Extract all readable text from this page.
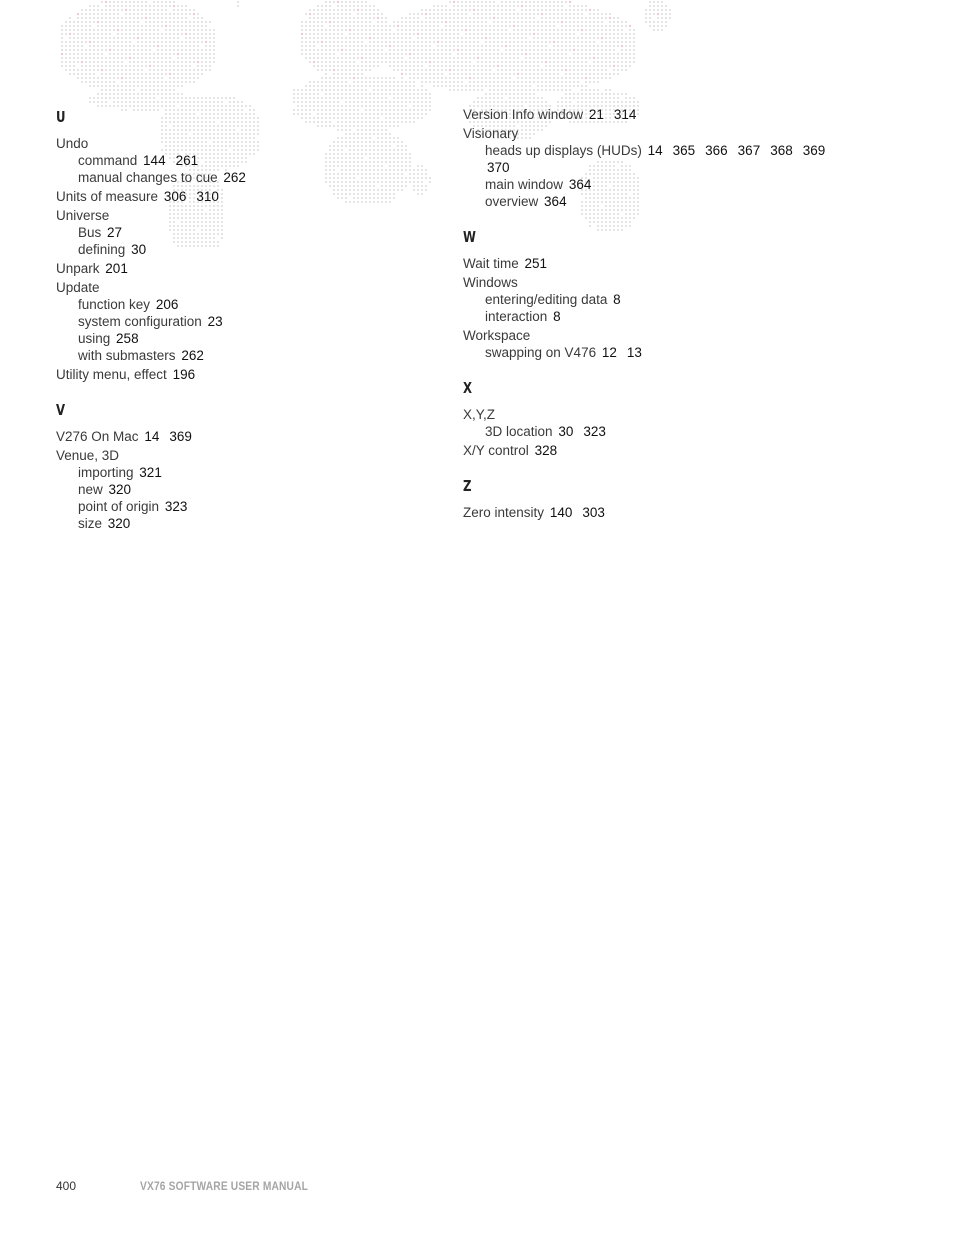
U
Undo
command 144 261
manual changes to cue 262
Units of measure 306 310
Universe
Bus 27
defining 30
Unpark 201
Update
function key 206
system configuration 23
using 258
with submasters 262
Utility menu, effect 196
V
V276 On Mac 14 369
Venue, 3D
importing 321
new 320
point of origin 323
size 320
Version Info window 21 314
Visionary
heads up displays (HUDs) 14 365 366 367 368 369
370
main window 364
overview 364
W
Wait time 251
Windows
entering/editing data 8
interaction 8
Workspace
swapping on V476 12 13
X
X,Y,Z
3D location 30 323
X/Y control 328
Z
Zero intensity 140 303
400	VX76 SOFTWARE USER MANUAL
